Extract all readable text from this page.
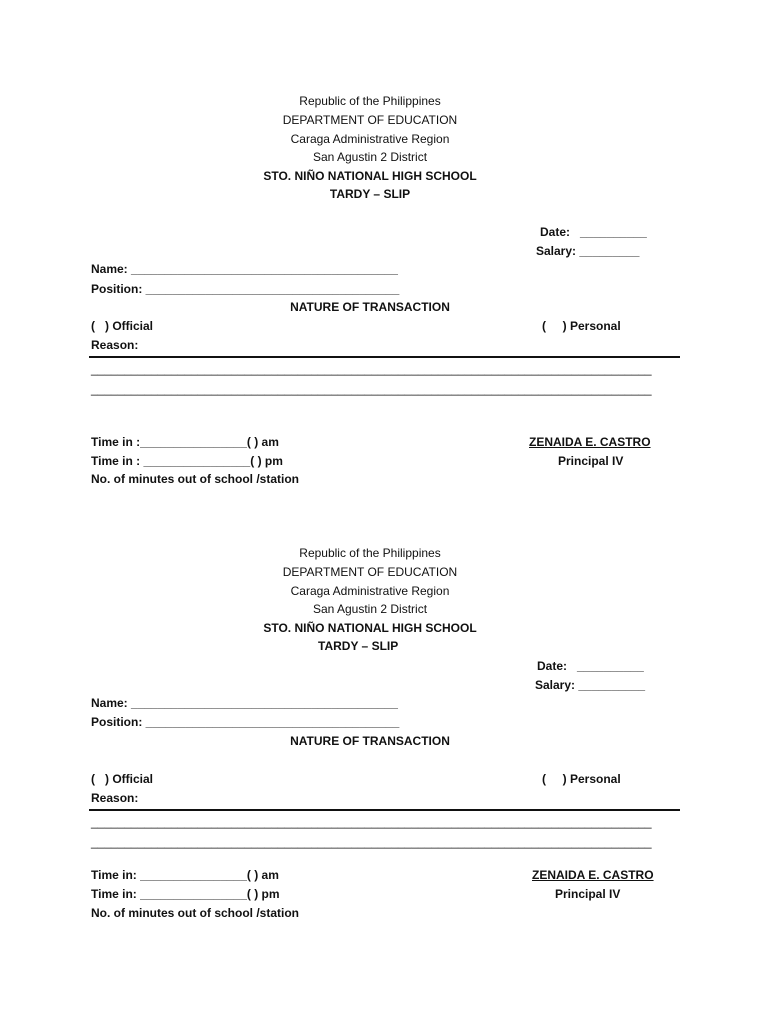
Republic of the Philippines
DEPARTMENT OF EDUCATION
Caraga Administrative Region
San Agustin 2 District
STO. NIÑO NATIONAL HIGH SCHOOL
TARDY – SLIP
Date:   __________
Salary: _________
Name: ________________________________________
Position: ______________________________________
NATURE OF TRANSACTION
(   ) Official	(     ) Personal
Reason:
____________________________________________________________________________________
____________________________________________________________________________________
Time in :________________( ) am
Time in : ________________( ) pm
No. of minutes out of school /station
ZENAIDA E. CASTRO
Principal IV
Republic of the Philippines
DEPARTMENT OF EDUCATION
Caraga Administrative Region
San Agustin 2 District
STO. NIÑO NATIONAL HIGH SCHOOL
TARDY – SLIP
Date:   __________
Salary: __________
Name: ________________________________________
Position: ______________________________________
NATURE OF TRANSACTION
(   ) Official	(     ) Personal
Reason:
____________________________________________________________________________________
____________________________________________________________________________________
Time in: ________________( ) am
Time in: ________________( ) pm
No. of minutes out of school /station
ZENAIDA E. CASTRO
Principal IV
